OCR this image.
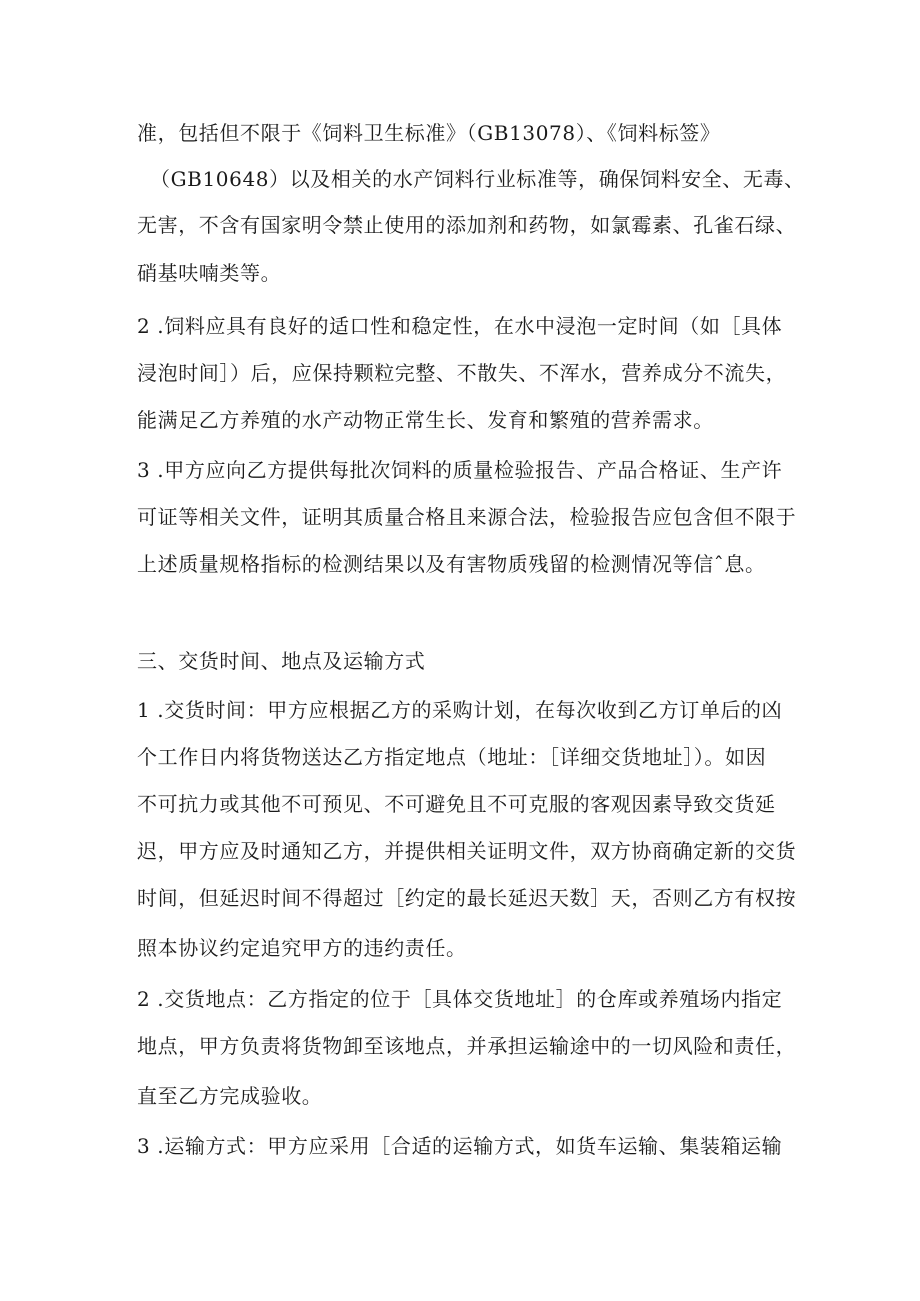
准，包括但不限于《饲料卫生标准》（GB13078）、《饲料标签》
（GB10648）以及相关的水产饲料行业标准等，确保饲料安全、无毒、
无害，不含有国家明令禁止使用的添加剂和药物，如氯霉素、孔雀石绿、
硝基呋喃类等。
2 .饲料应具有良好的适口性和稳定性，在水中浸泡一定时间（如［具体
浸泡时间］）后，应保持颗粒完整、不散失、不浑水，营养成分不流失，
能满足乙方养殖的水产动物正常生长、发育和繁殖的营养需求。
3 .甲方应向乙方提供每批次饲料的质量检验报告、产品合格证、生产许
可证等相关文件，证明其质量合格且来源合法，检验报告应包含但不限于
上述质量规格指标的检测结果以及有害物质残留的检测情况等信ˆ息。
三、交货时间、地点及运输方式
1 .交货时间：甲方应根据乙方的采购计划，在每次收到乙方订单后的凶
个工作日内将货物送达乙方指定地点（地址：［详细交货地址］）。如因
不可抗力或其他不可预见、不可避免且不可克服的客观因素导致交货延
迟，甲方应及时通知乙方，并提供相关证明文件，双方协商确定新的交货
时间，但延迟时间不得超过［约定的最长延迟天数］天，否则乙方有权按
照本协议约定追究甲方的违约责任。
2 .交货地点：乙方指定的位于［具体交货地址］的仓库或养殖场内指定
地点，甲方负责将货物卸至该地点，并承担运输途中的一切风险和责任，
直至乙方完成验收。
3 .运输方式：甲方应采用［合适的运输方式，如货车运输、集装箱运输
